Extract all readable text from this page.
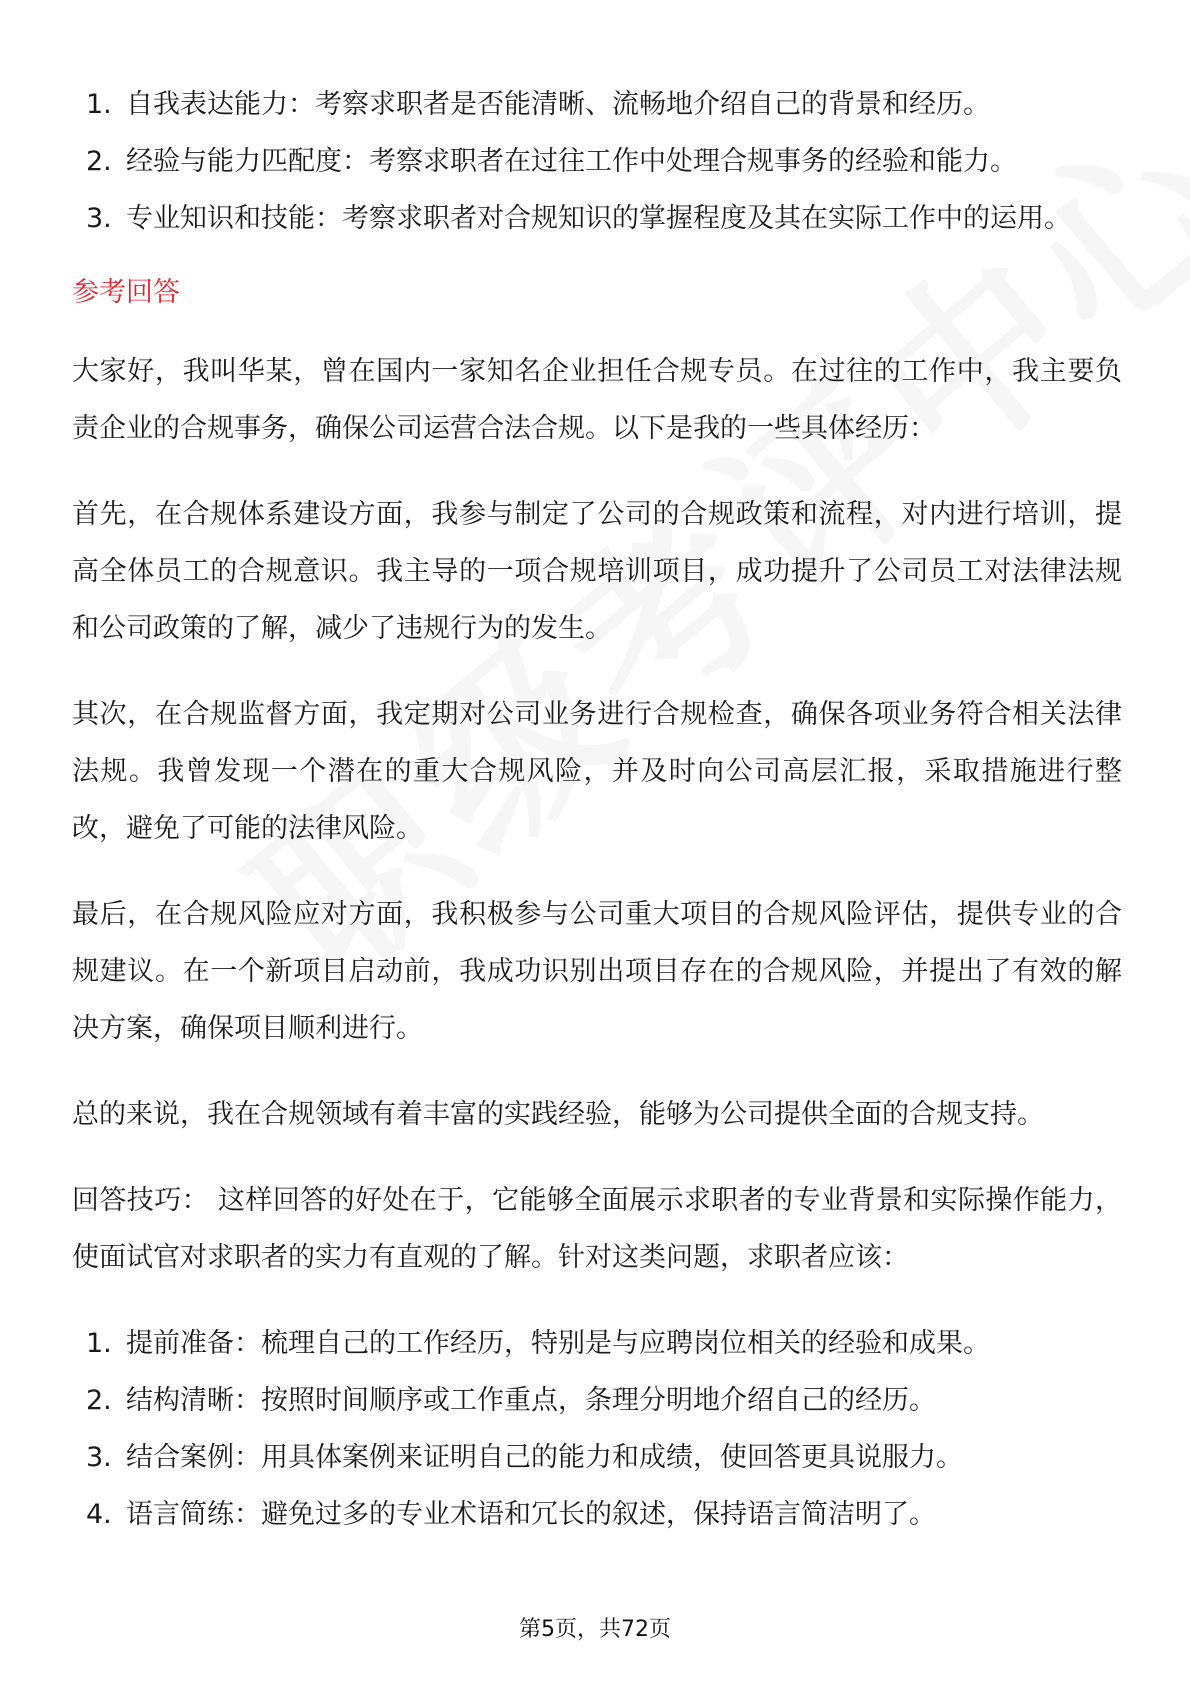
1. 自我表达能力：考察求职者是否能清晰、流畅地介绍自己的背景和经历。
2. 经验与能力匹配度：考察求职者在过往工作中处理合规事务的经验和能力。
3. 专业知识和技能：考察求职者对合规知识的掌握程度及其在实际工作中的运用。
参考回答

大家好，我叫华某，曾在国内一家知名企业担任合规专员。在过往的工作中，我主要负责企业的合规事务，确保公司运营合法合规。以下是我的一些具体经历：

首先，在合规体系建设方面，我参与制定了公司的合规政策和流程，对内进行培训，提高全体员工的合规意识。我主导的一项合规培训项目，成功提升了公司员工对法律法规和公司政策的了解，减少了违规行为的发生。

其次，在合规监督方面，我定期对公司业务进行合规检查，确保各项业务符合相关法律法规。我曾发现一个潜在的重大合规风险，并及时向公司高层汇报，采取措施进行整改，避免了可能的法律风险。

最后，在合规风险应对方面，我积极参与公司重大项目的合规风险评估，提供专业的合规建议。在一个新项目启动前，我成功识别出项目存在的合规风险，并提出了有效的解决方案，确保项目顺利进行。

总的来说，我在合规领域有着丰富的实践经验，能够为公司提供全面的合规支持。

回答技巧： 这样回答的好处在于，它能够全面展示求职者的专业背景和实际操作能力，使面试官对求职者的实力有直观的了解。针对这类问题，求职者应该：

1. 提前准备：梳理自己的工作经历，特别是与应聘岗位相关的经验和成果。
2. 结构清晰：按照时间顺序或工作重点，条理分明地介绍自己的经历。
3. 结合案例：用具体案例来证明自己的能力和成绩，使回答更具说服力。
4. 语言简练：避免过多的专业术语和冗长的叙述，保持语言简洁明了。
第5页，共72页
